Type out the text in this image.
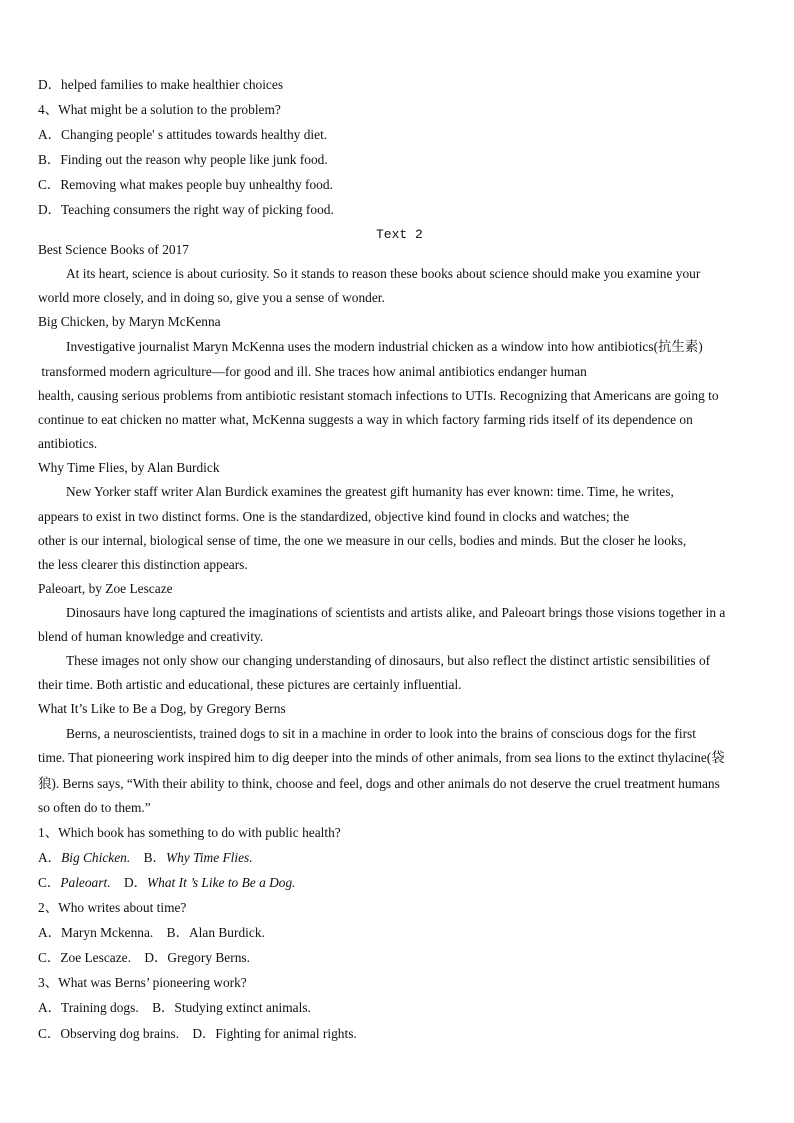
D．helped families to make healthier choices
4、What might be a solution to the problem?
A．Changing people' s attitudes towards healthy diet.
B．Finding out the reason why people like junk food.
C．Removing what makes people buy unhealthy food.
D．Teaching consumers the right way of picking food.
Text 2
Best Science Books of 2017
At its heart, science is about curiosity. So it stands to reason these books about science should make you examine your
world more closely, and in doing so, give you a sense of wonder.
Big Chicken, by Maryn McKenna
Investigative journalist Maryn McKenna uses the modern industrial chicken as a window into how antibiotics(抗生素)
transformed modern agriculture—for good and ill. She traces how animal antibiotics endanger human
health, causing serious problems from antibiotic resistant stomach infections to UTIs. Recognizing that Americans are going to
continue to eat chicken no matter what, McKenna suggests a way in which factory farming rids itself of its dependence on
antibiotics.
Why Time Flies, by Alan Burdick
New Yorker staff writer Alan Burdick examines the greatest gift humanity has ever known: time. Time, he writes,
appears to exist in two distinct forms. One is the standardized, objective kind found in clocks and watches; the
other is our internal, biological sense of time, the one we measure in our cells, bodies and minds. But the closer he looks,
the less clearer this distinction appears.
Paleoart, by Zoe Lescaze
Dinosaurs have long captured the imaginations of scientists and artists alike, and Paleoart brings those visions together in a
blend of human knowledge and creativity.
These images not only show our changing understanding of dinosaurs, but also reflect the distinct artistic sensibilities of
their time. Both artistic and educational, these pictures are certainly influential.
What It’s Like to Be a Dog, by Gregory Berns
Berns, a neuroscientists, trained dogs to sit in a machine in order to look into the brains of conscious dogs for the first
time. That pioneering work inspired him to dig deeper into the minds of other animals, from sea lions to the extinct thylacine(袋
狼). Berns says, “With their ability to think, choose and feel, dogs and other animals do not deserve the cruel treatment humans
so often do to them.”
1、Which book has something to do with public health?
A．Big Chicken.    B．Why Time Flies.
C．Paleoart.    D．What It ’s Like to Be a Dog.
2、Who writes about time?
A．Maryn Mckenna.    B．Alan Burdick.
C．Zoe Lescaze.    D．Gregory Berns.
3、What was Berns’ pioneering work?
A．Training dogs.    B．Studying extinct animals.
C．Observing dog brains.    D．Fighting for animal rights.
